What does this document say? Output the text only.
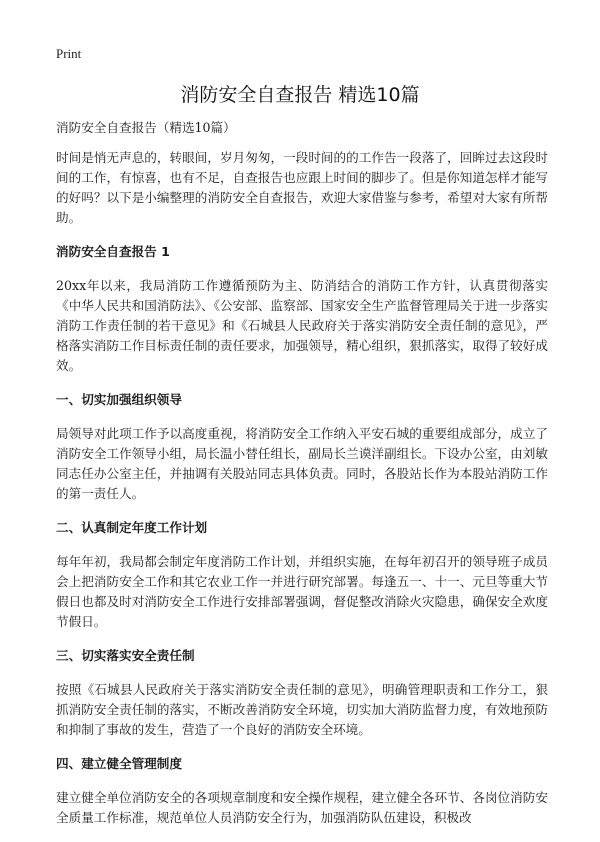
Print
消防安全自查报告 精选10篇

消防安全自查报告（精选10篇）

时间是悄无声息的，转眼间，岁月匆匆，一段时间的的工作告一段落了，回眸过去这段时间的工作，有惊喜，也有不足，自查报告也应跟上时间的脚步了。但是你知道怎样才能写的好吗？以下是小编整理的消防安全自查报告，欢迎大家借鉴与参考，希望对大家有所帮助。

消防安全自查报告 1

20xx年以来，我局消防工作遵循预防为主、防消结合的消防工作方针，认真贯彻落实《中华人民共和国消防法》、《公安部、监察部、国家安全生产监督管理局关于进一步落实消防工作责任制的若干意见》和《石城县人民政府关于落实消防安全责任制的意见》，严格落实消防工作目标责任制的责任要求，加强领导，精心组织，狠抓落实，取得了较好成效。

一、切实加强组织领导

局领导对此项工作予以高度重视，将消防安全工作纳入平安石城的重要组成部分，成立了消防安全工作领导小组，局长温小替任组长，副局长兰谟洋副组长。下设办公室，由刘敏同志任办公室主任，并抽调有关股站同志具体负责。同时，各股站长作为本股站消防工作的第一责任人。

二、认真制定年度工作计划

每年年初，我局都会制定年度消防工作计划，并组织实施，在每年初召开的领导班子成员会上把消防安全工作和其它农业工作一并进行研究部署。每逢五一、十一、元旦等重大节假日也都及时对消防安全工作进行安排部署强调，督促整改消除火灾隐患，确保安全欢度节假日。

三、切实落实安全责任制

按照《石城县人民政府关于落实消防安全责任制的意见》，明确管理职责和工作分工，狠抓消防安全责任制的落实，不断改善消防安全环境，切实加大消防监督力度，有效地预防和抑制了事故的发生，营造了一个良好的消防安全环境。

四、建立健全管理制度

建立健全单位消防安全的各项规章制度和安全操作规程，建立健全各环节、各岗位消防安全质量工作标准，规范单位人员消防安全行为，加强消防队伍建设，积极改
